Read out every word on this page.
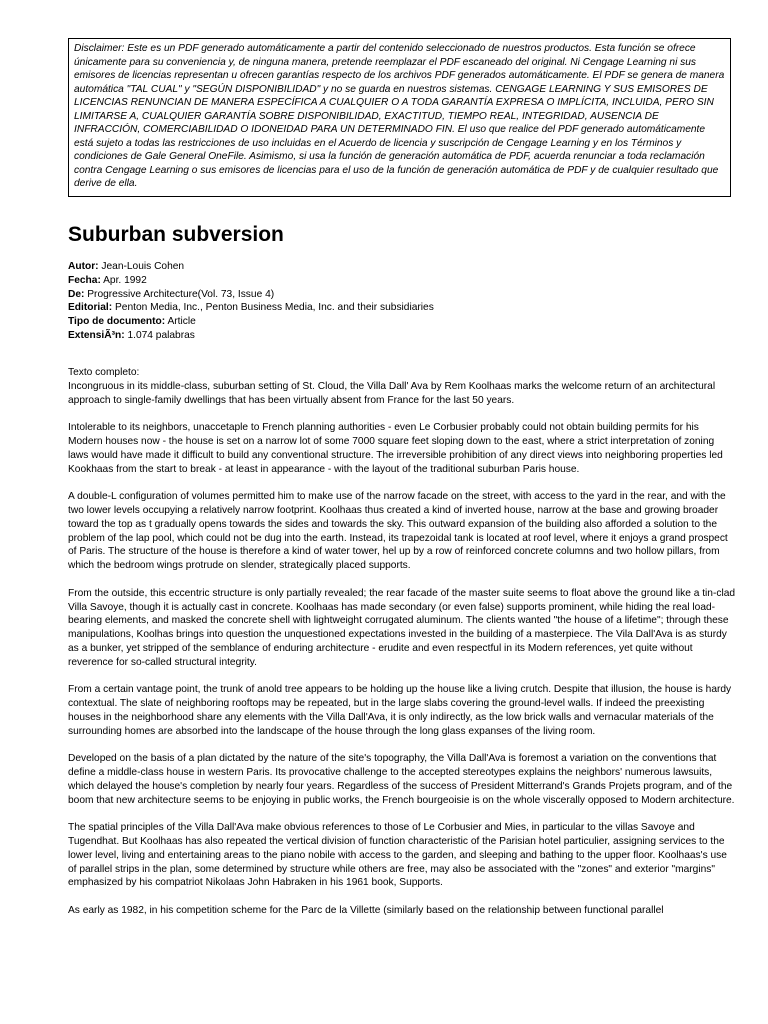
Disclaimer: Este es un PDF generado automáticamente a partir del contenido seleccionado de nuestros productos. Esta función se ofrece únicamente para su conveniencia y, de ninguna manera, pretende reemplazar el PDF escaneado del original. Ni Cengage Learning ni sus emisores de licencias representan u ofrecen garantías respecto de los archivos PDF generados automáticamente. El PDF se genera de manera automática "TAL CUAL" y "SEGÚN DISPONIBILIDAD" y no se guarda en nuestros sistemas. CENGAGE LEARNING Y SUS EMISORES DE LICENCIAS RENUNCIAN DE MANERA ESPECÍFICA A CUALQUIER O A TODA GARANTÍA EXPRESA O IMPLÍCITA, INCLUIDA, PERO SIN LIMITARSE A, CUALQUIER GARANTÍA SOBRE DISPONIBILIDAD, EXACTITUD, TIEMPO REAL, INTEGRIDAD, AUSENCIA DE INFRACCIÓN, COMERCIABILIDAD O IDONEIDAD PARA UN DETERMINADO FIN. El uso que realice del PDF generado automáticamente está sujeto a todas las restricciones de uso incluidas en el Acuerdo de licencia y suscripción de Cengage Learning y en los Términos y condiciones de Gale General OneFile. Asimismo, si usa la función de generación automática de PDF, acuerda renunciar a toda reclamación contra Cengage Learning o sus emisores de licencias para el uso de la función de generación automática de PDF y de cualquier resultado que derive de ella.
Suburban subversion
Autor: Jean-Louis Cohen
Fecha: Apr. 1992
De: Progressive Architecture(Vol. 73, Issue 4)
Editorial: Penton Media, Inc., Penton Business Media, Inc. and their subsidiaries
Tipo de documento: Article
ExtensiÃ³n: 1.074 palabras

Texto completo:
Incongruous in its middle-class, suburban setting of St. Cloud, the Villa Dall' Ava by Rem Koolhaas marks the welcome return of an architectural approach to single-family dwellings that has been virtually absent from France for the last 50 years.

Intolerable to its neighbors, unaccetaple to French planning authorities - even Le Corbusier probably could not obtain building permits for his Modern houses now - the house is set on a narrow lot of some 7000 square feet sloping down to the east, where a strict interpretation of zoning laws would have made it difficult to build any conventional structure. The irreversible prohibition of any direct views into neighboring properties led Kookhaas from the start to break - at least in appearance - with the layout of the traditional suburban Paris house.

A double-L configuration of volumes permitted him to make use of the narrow facade on the street, with access to the yard in the rear, and with the two lower levels occupying a relatively narrow footprint. Koolhaas thus created a kind of inverted house, narrow at the base and growing broader toward the top as t gradually opens towards the sides and towards the sky. This outward expansion of the building also afforded a solution to the problem of the lap pool, which could not be dug into the earth. Instead, its trapezoidal tank is located at roof level, where it enjoys a grand prospect of Paris. The structure of the house is therefore a kind of water tower, hel up by a row of reinforced concrete columns and two hollow pillars, from which the bedroom wings protrude on slender, strategically placed supports.

From the outside, this eccentric structure is only partially revealed; the rear facade of the master suite seems to float above the ground like a tin-clad Villa Savoye, though it is actually cast in concrete. Koolhaas has made secondary (or even false) supports prominent, while hiding the real load-bearing elements, and masked the concrete shell with lightweight corrugated aluminum. The clients wanted "the house of a lifetime"; through these manipulations, Koolhas brings into question the unquestioned expectations invested in the building of a masterpiece. The Vila Dall'Ava is as sturdy as a bunker, yet stripped of the semblance of enduring architecture - erudite and even respectful in its Modern references, yet quite without reverence for so-called structural integrity.

From a certain vantage point, the trunk of anold tree appears to be holding up the house like a living crutch. Despite that illusion, the house is hardy contextual. The slate of neighboring rooftops may be repeated, but in the large slabs covering the ground-level walls. If indeed the preexisting houses in the neighborhood share any elements with the Villa Dall'Ava, it is only indirectly, as the low brick walls and vernacular materials of the surrounding homes are absorbed into the landscape of the house through the long glass expanses of the living room.

Developed on the basis of a plan dictated by the nature of the site's topography, the Villa Dall'Ava is foremost a variation on the conventions that define a middle-class house in western Paris. Its provocative challenge to the accepted stereotypes explains the neighbors' numerous lawsuits, which delayed the house's completion by nearly four years. Regardless of the success of President Mitterrand's Grands Projets program, and of the boom that new architecture seems to be enjoying in public works, the French bourgeoisie is on the whole viscerally opposed to Modern architecture.

The spatial principles of the Villa Dall'Ava make obvious references to those of Le Corbusier and Mies, in particular to the villas Savoye and Tugendhat. But Koolhaas has also repeated the vertical division of function characteristic of the Parisian hotel particulier, assigning services to the lower level, living and entertaining areas to the piano nobile with access to the garden, and sleeping and bathing to the upper floor. Koolhaas's use of parallel strips in the plan, some determined by structure while others are free, may also be associated with the "zones" and exterior "margins" emphasized by his compatriot Nikolaas John Habraken in his 1961 book, Supports.

As early as 1982, in his competition scheme for the Parc de la Villette (similarly based on the relationship between functional parallel
